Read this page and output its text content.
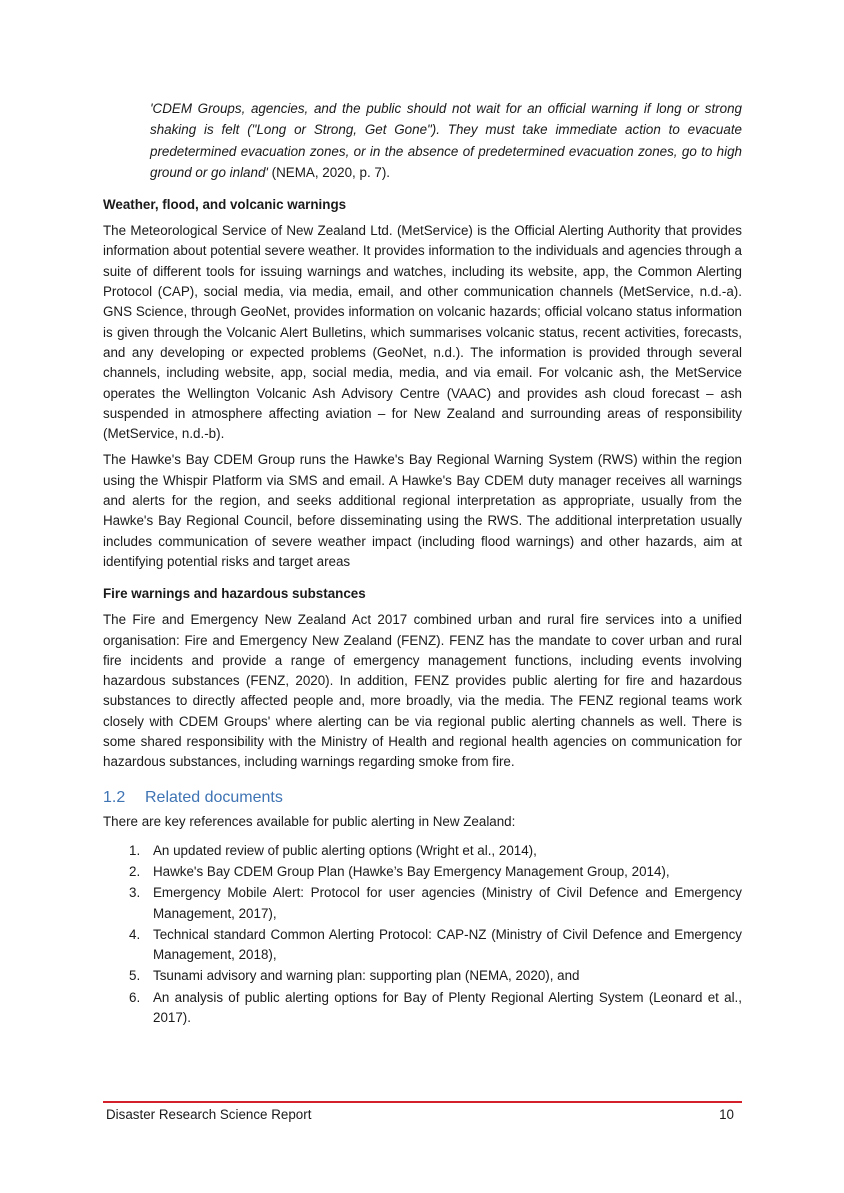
'CDEM Groups, agencies, and the public should not wait for an official warning if long or strong shaking is felt ("Long or Strong, Get Gone"). They must take immediate action to evacuate predetermined evacuation zones, or in the absence of predetermined evacuation zones, go to high ground or go inland' (NEMA, 2020, p. 7).

Weather, flood, and volcanic warnings

The Meteorological Service of New Zealand Ltd. (MetService) is the Official Alerting Authority that provides information about potential severe weather. It provides information to the individuals and agencies through a suite of different tools for issuing warnings and watches, including its website, app, the Common Alerting Protocol (CAP), social media, via media, email, and other communication channels (MetService, n.d.-a). GNS Science, through GeoNet, provides information on volcanic hazards; official volcano status information is given through the Volcanic Alert Bulletins, which summarises volcanic status, recent activities, forecasts, and any developing or expected problems (GeoNet, n.d.). The information is provided through several channels, including website, app, social media, media, and via email. For volcanic ash, the MetService operates the Wellington Volcanic Ash Advisory Centre (VAAC) and provides ash cloud forecast – ash suspended in atmosphere affecting aviation – for New Zealand and surrounding areas of responsibility (MetService, n.d.-b).

The Hawke's Bay CDEM Group runs the Hawke's Bay Regional Warning System (RWS) within the region using the Whispir Platform via SMS and email. A Hawke's Bay CDEM duty manager receives all warnings and alerts for the region, and seeks additional regional interpretation as appropriate, usually from the Hawke's Bay Regional Council, before disseminating using the RWS. The additional interpretation usually includes communication of severe weather impact (including flood warnings) and other hazards, aim at identifying potential risks and target areas

Fire warnings and hazardous substances

The Fire and Emergency New Zealand Act 2017 combined urban and rural fire services into a unified organisation: Fire and Emergency New Zealand (FENZ). FENZ has the mandate to cover urban and rural fire incidents and provide a range of emergency management functions, including events involving hazardous substances (FENZ, 2020). In addition, FENZ provides public alerting for fire and hazardous substances to directly affected people and, more broadly, via the media. The FENZ regional teams work closely with CDEM Groups' where alerting can be via regional public alerting channels as well. There is some shared responsibility with the Ministry of Health and regional health agencies on communication for hazardous substances, including warnings regarding smoke from fire.

1.2 Related documents

There are key references available for public alerting in New Zealand:

1. An updated review of public alerting options (Wright et al., 2014),
2. Hawke's Bay CDEM Group Plan (Hawke’s Bay Emergency Management Group, 2014),
3. Emergency Mobile Alert: Protocol for user agencies (Ministry of Civil Defence and Emergency Management, 2017),
4. Technical standard Common Alerting Protocol: CAP-NZ (Ministry of Civil Defence and Emergency Management, 2018),
5. Tsunami advisory and warning plan: supporting plan (NEMA, 2020), and
6. An analysis of public alerting options for Bay of Plenty Regional Alerting System (Leonard et al., 2017).
Disaster Research Science Report	10
